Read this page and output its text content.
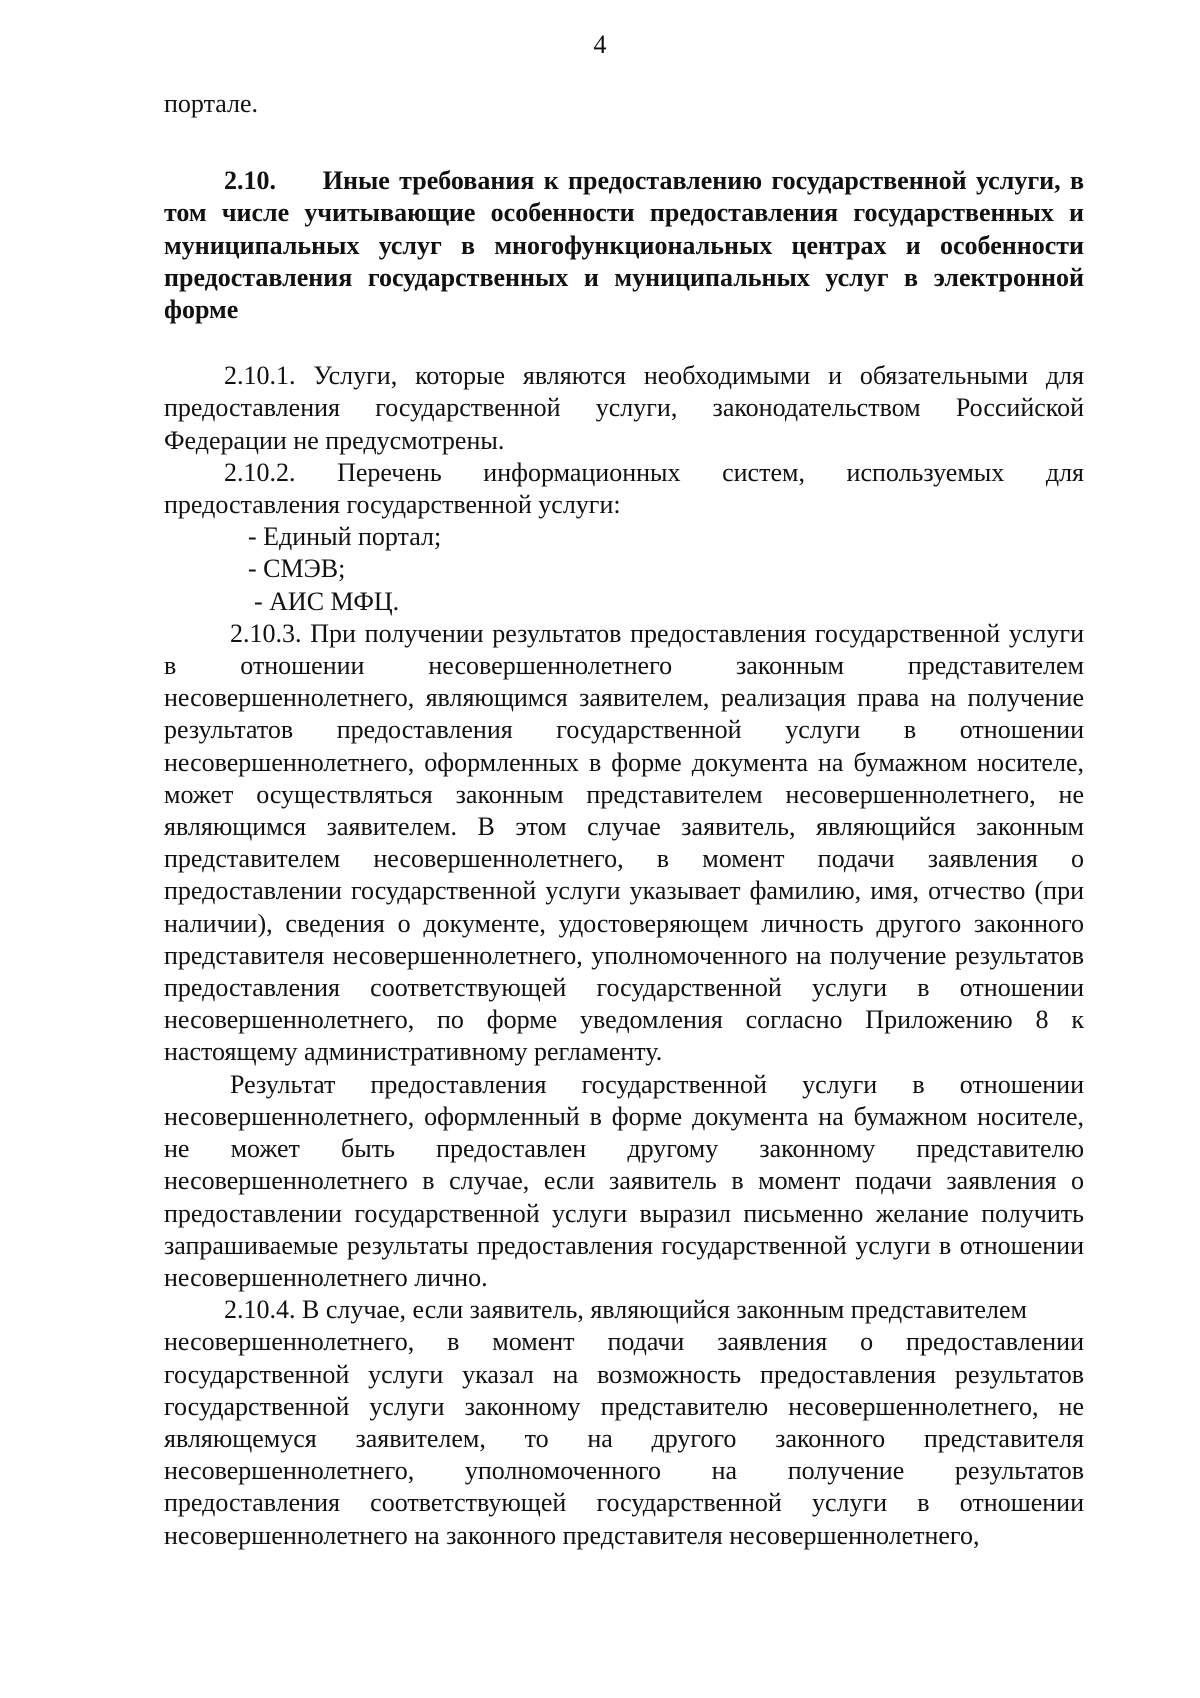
4

портале.

2.10. Иные требования к предоставлению государственной услуги, в том числе учитывающие особенности предоставления государственных и муниципальных услуг в многофункциональных центрах и особенности предоставления государственных и муниципальных услуг в электронной форме

2.10.1. Услуги, которые являются необходимыми и обязательными для предоставления государственной услуги, законодательством Российской Федерации не предусмотрены.

2.10.2. Перечень информационных систем, используемых для предоставления государственной услуги:

- Единый портал;

- СМЭВ;

- АИС МФЦ.

2.10.3. При получении результатов предоставления государственной услуги в отношении несовершеннолетнего законным представителем несовершеннолетнего, являющимся заявителем, реализация права на получение результатов предоставления государственной услуги в отношении несовершеннолетнего, оформленных в форме документа на бумажном носителе, может осуществляться законным представителем несовершеннолетнего, не являющимся заявителем. В этом случае заявитель, являющийся законным представителем несовершеннолетнего, в момент подачи заявления о предоставлении государственной услуги указывает фамилию, имя, отчество (при наличии), сведения о документе, удостоверяющем личность другого законного представителя несовершеннолетнего, уполномоченного на получение результатов предоставления соответствующей государственной услуги в отношении несовершеннолетнего, по форме уведомления согласно Приложению 8 к настоящему административному регламенту.

Результат предоставления государственной услуги в отношении несовершеннолетнего, оформленный в форме документа на бумажном носителе, не может быть предоставлен другому законному представителю несовершеннолетнего в случае, если заявитель в момент подачи заявления о предоставлении государственной услуги выразил письменно желание получить запрашиваемые результаты предоставления государственной услуги в отношении несовершеннолетнего лично.

2.10.4. В случае, если заявитель, являющийся законным представителем

несовершеннолетнего, в момент подачи заявления о предоставлении государственной услуги указал на возможность предоставления результатов государственной услуги законному представителю несовершеннолетнего, не являющемуся заявителем, то на другого законного представителя несовершеннолетнего, уполномоченного на получение результатов предоставления соответствующей государственной услуги в отношении несовершеннолетнего на законного представителя несовершеннолетнего,
